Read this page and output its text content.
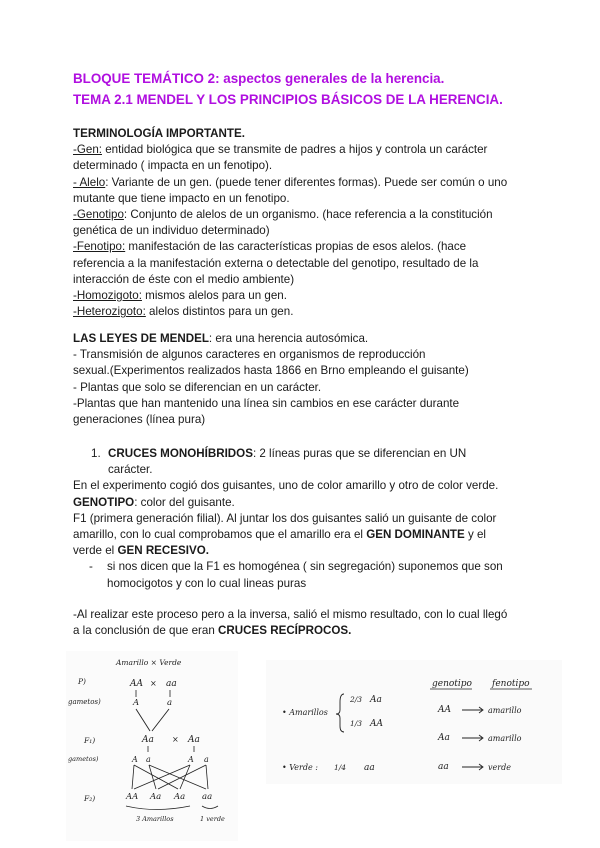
BLOQUE TEMÁTICO 2: aspectos generales de la herencia.
TEMA 2.1 MENDEL Y LOS PRINCIPIOS BÁSICOS DE LA HERENCIA.
TERMINOLOGÍA IMPORTANTE.
-Gen: entidad biológica que se transmite de padres a hijos y controla un carácter
determinado ( impacta en un fenotipo).
- Alelo: Variante de un gen. (puede tener diferentes formas). Puede ser común o uno
mutante que tiene impacto en un fenotipo.
-Genotipo: Conjunto de alelos de un organismo. (hace referencia a la constitución
genética de un individuo determinado)
-Fenotipo: manifestación de las características propias de esos alelos. (hace
referencia a la manifestación externa o detectable del genotipo, resultado de la
interacción de éste con el medio ambiente)
-Homozigoto: mismos alelos para un gen.
-Heterozigoto: alelos distintos para un gen.
LAS LEYES DE MENDEL: era una herencia autosómica.
- Transmisión de algunos caracteres en organismos de reproducción
sexual.(Experimentos realizados hasta 1866 en Brno empleando el guisante)
- Plantas que solo se diferencian en un carácter.
-Plantas que han mantenido una línea sin cambios en ese carácter durante
generaciones (línea pura)
1. CRUCES MONOHÍBRIDOS: 2 líneas puras que se diferencian en UN
carácter.
En el experimento cogió dos guisantes, uno de color amarillo y otro de color verde.
GENOTIPO: color del guisante.
F1 (primera generación filial). Al juntar los dos guisantes salió un guisante de color
amarillo, con lo cual comprobamos que el amarillo era el GEN DOMINANTE y el
verde el GEN RECESIVO.
- si nos dicen que la F1 es homogénea ( sin segregación) suponemos que son
homocigotos y con lo cual lineas puras
-Al realizar este proceso pero a la inversa, salió el mismo resultado, con lo cual llegó
a la conclusión de que eran CRUCES RECÍPROCOS.
Amarillo × Verde
P)	AA × aa
gametos)	A	a
F₁)	Aa × Aa
gametos)	A a	A a
F₂)	AA Aa Aa aa
3 Amarillos	1 verde
genotipo fenotipo
• Amarillos
2/3 Aa
1/3 AA
AA	amarillo
Aa	amarillo
• Verde : 1/4 aa	aa	verde
